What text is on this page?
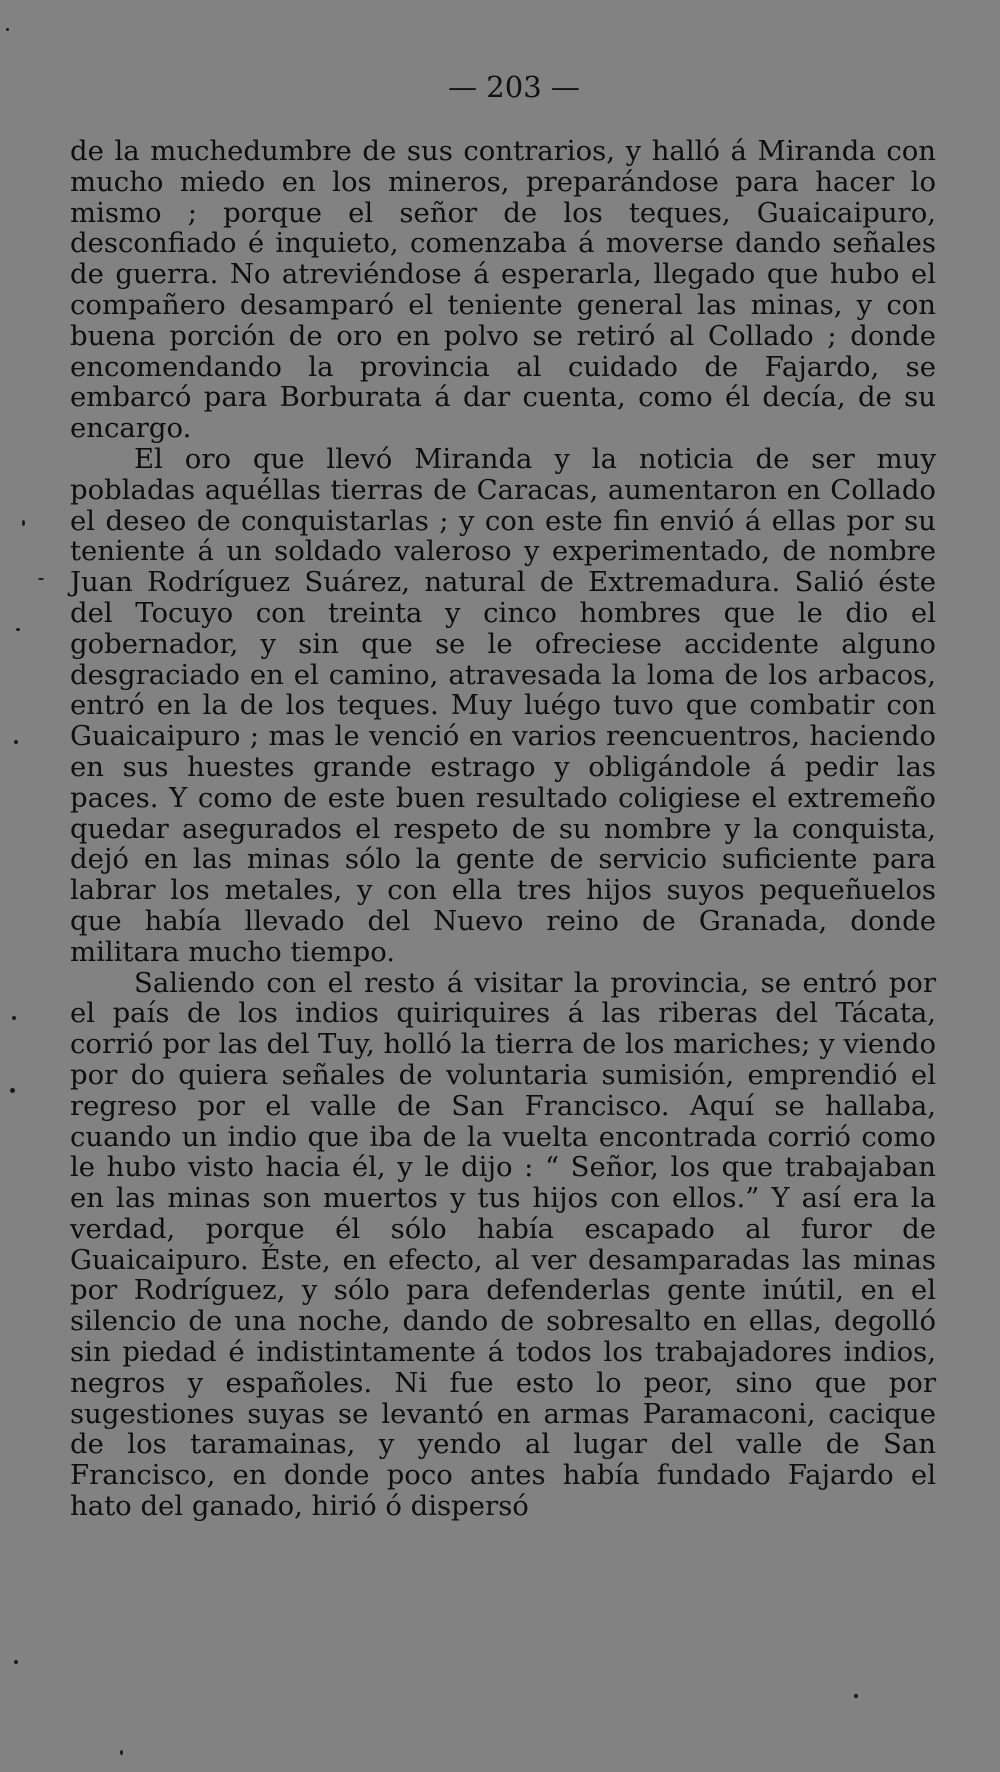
— 203 —

de la muchedumbre de sus contrarios, y halló á Miranda con mucho miedo en los mineros, preparándose para hacer lo mismo ; porque el señor de los teques, Guaicaipuro, desconfiado é inquieto, comenzaba á moverse dando señales de guerra. No atreviéndose á esperarla, llegado que hubo el compañero desamparó el teniente general las minas, y con buena porción de oro en polvo se retiró al Collado ; donde encomendando la provincia al cuidado de Fajardo, se embarcó para Borburata á dar cuenta, como él decía, de su encargo.

El oro que llevó Miranda y la noticia de ser muy pobladas aquéllas tierras de Caracas, aumentaron en Collado el deseo de conquistarlas ; y con este fin envió á ellas por su teniente á un soldado valeroso y experimentado, de nombre Juan Rodríguez Suárez, natural de Extremadura. Salió éste del Tocuyo con treinta y cinco hombres que le dio el gobernador, y sin que se le ofreciese accidente alguno desgraciado en el camino, atravesada la loma de los arbacos, entró en la de los teques. Muy luégo tuvo que combatir con Guaicaipuro ; mas le venció en varios reencuentros, haciendo en sus huestes grande estrago y obligándole á pedir las paces. Y como de este buen resultado coligiese el extremeño quedar asegurados el respeto de su nombre y la conquista, dejó en las minas sólo la gente de servicio suficiente para labrar los metales, y con ella tres hijos suyos pequeñuelos que había llevado del Nuevo reino de Granada, donde militara mucho tiempo.

Saliendo con el resto á visitar la provincia, se entró por el país de los indios quiriquires á las riberas del Tácata, corrió por las del Tuy, holló la tierra de los mariches; y viendo por do quiera señales de voluntaria sumisión, emprendió el regreso por el valle de San Francisco. Aquí se hallaba, cuando un indio que iba de la vuelta encontrada corrió como le hubo visto hacia él, y le dijo : “ Señor, los que trabajaban en las minas son muertos y tus hijos con ellos.” Y así era la verdad, porque él sólo había escapado al furor de Guaicaipuro. Éste, en efecto, al ver desamparadas las minas por Rodríguez, y sólo para defenderlas gente inútil, en el silencio de una noche, dando de sobresalto en ellas, degolló sin piedad é indistintamente á todos los trabajadores indios, negros y españoles. Ni fue esto lo peor, sino que por sugestiones suyas se levantó en armas Paramaconi, cacique de los taramainas, y yendo al lugar del valle de San Francisco, en donde poco antes había fundado Fajardo el hato del ganado, hirió ó dispersó
